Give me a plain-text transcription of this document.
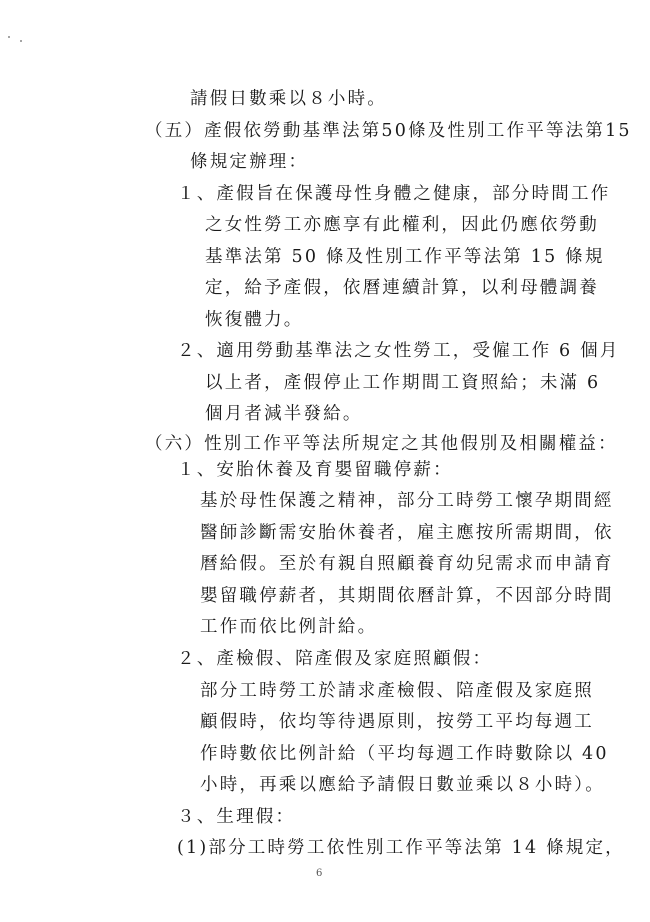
請假日數乘以８小時。
（五）產假依勞動基準法第50條及性別工作平等法第15
條規定辦理：
１、產假旨在保護母性身體之健康，部分時間工作
之女性勞工亦應享有此權利，因此仍應依勞動
基準法第 50 條及性別工作平等法第 15 條規
定，給予產假，依曆連續計算，以利母體調養
恢復體力。
２、適用勞動基準法之女性勞工，受僱工作 6 個月
以上者，產假停止工作期間工資照給；未滿 6
個月者減半發給。
（六）性別工作平等法所規定之其他假別及相關權益：
１、安胎休養及育嬰留職停薪：
基於母性保護之精神，部分工時勞工懷孕期間經
醫師診斷需安胎休養者，雇主應按所需期間，依
曆給假。至於有親自照顧養育幼兒需求而申請育
嬰留職停薪者，其期間依曆計算，不因部分時間
工作而依比例計給。
２、產檢假、陪產假及家庭照顧假：
部分工時勞工於請求產檢假、陪產假及家庭照
顧假時，依均等待遇原則，按勞工平均每週工
作時數依比例計給（平均每週工作時數除以 40
小時，再乘以應給予請假日數並乘以８小時）。
３、生理假：
(1)部分工時勞工依性別工作平等法第 14 條規定，
6
